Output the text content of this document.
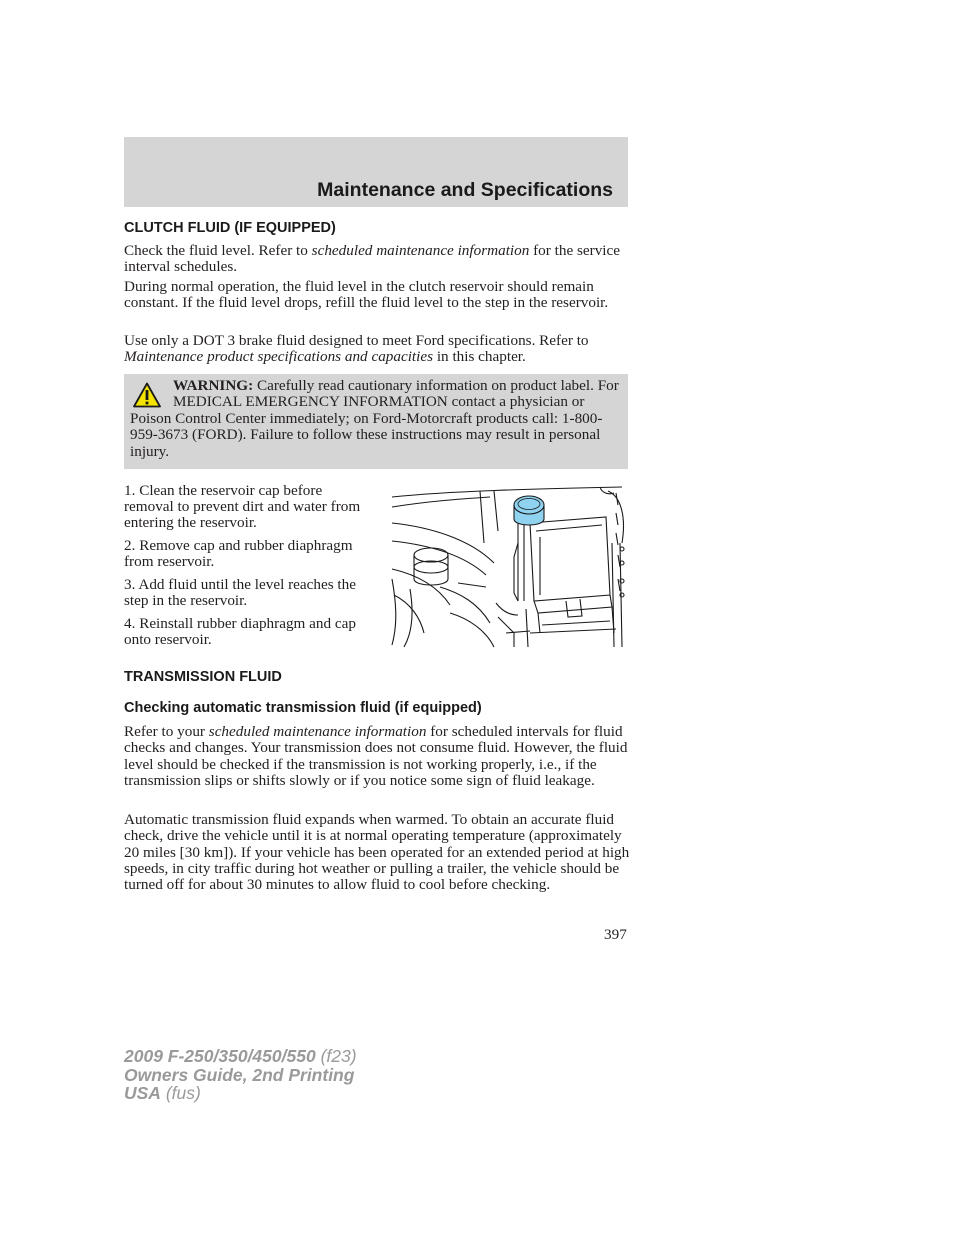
Maintenance and Specifications
CLUTCH FLUID (IF EQUIPPED)

Check the fluid level. Refer to scheduled maintenance information for the service interval schedules.

During normal operation, the fluid level in the clutch reservoir should remain constant. If the fluid level drops, refill the fluid level to the step in the reservoir.

Use only a DOT 3 brake fluid designed to meet Ford specifications. Refer to Maintenance product specifications and capacities in this chapter.

WARNING: Carefully read cautionary information on product label. For MEDICAL EMERGENCY INFORMATION contact a physician or Poison Control Center immediately; on Ford-Motorcraft products call: 1-800-959-3673 (FORD). Failure to follow these instructions may result in personal injury.

1. Clean the reservoir cap before removal to prevent dirt and water from entering the reservoir.

2. Remove cap and rubber diaphragm from reservoir.

3. Add fluid until the level reaches the step in the reservoir.

4. Reinstall rubber diaphragm and cap onto reservoir.

TRANSMISSION FLUID
Checking automatic transmission fluid (if equipped)

Refer to your scheduled maintenance information for scheduled intervals for fluid checks and changes. Your transmission does not consume fluid. However, the fluid level should be checked if the transmission is not working properly, i.e., if the transmission slips or shifts slowly or if you notice some sign of fluid leakage.

Automatic transmission fluid expands when warmed. To obtain an accurate fluid check, drive the vehicle until it is at normal operating temperature (approximately 20 miles [30 km]). If your vehicle has been operated for an extended period at high speeds, in city traffic during hot weather or pulling a trailer, the vehicle should be turned off for about 30 minutes to allow fluid to cool before checking.

397
2009 F-250/350/450/550 (f23)
Owners Guide, 2nd Printing
USA (fus)
